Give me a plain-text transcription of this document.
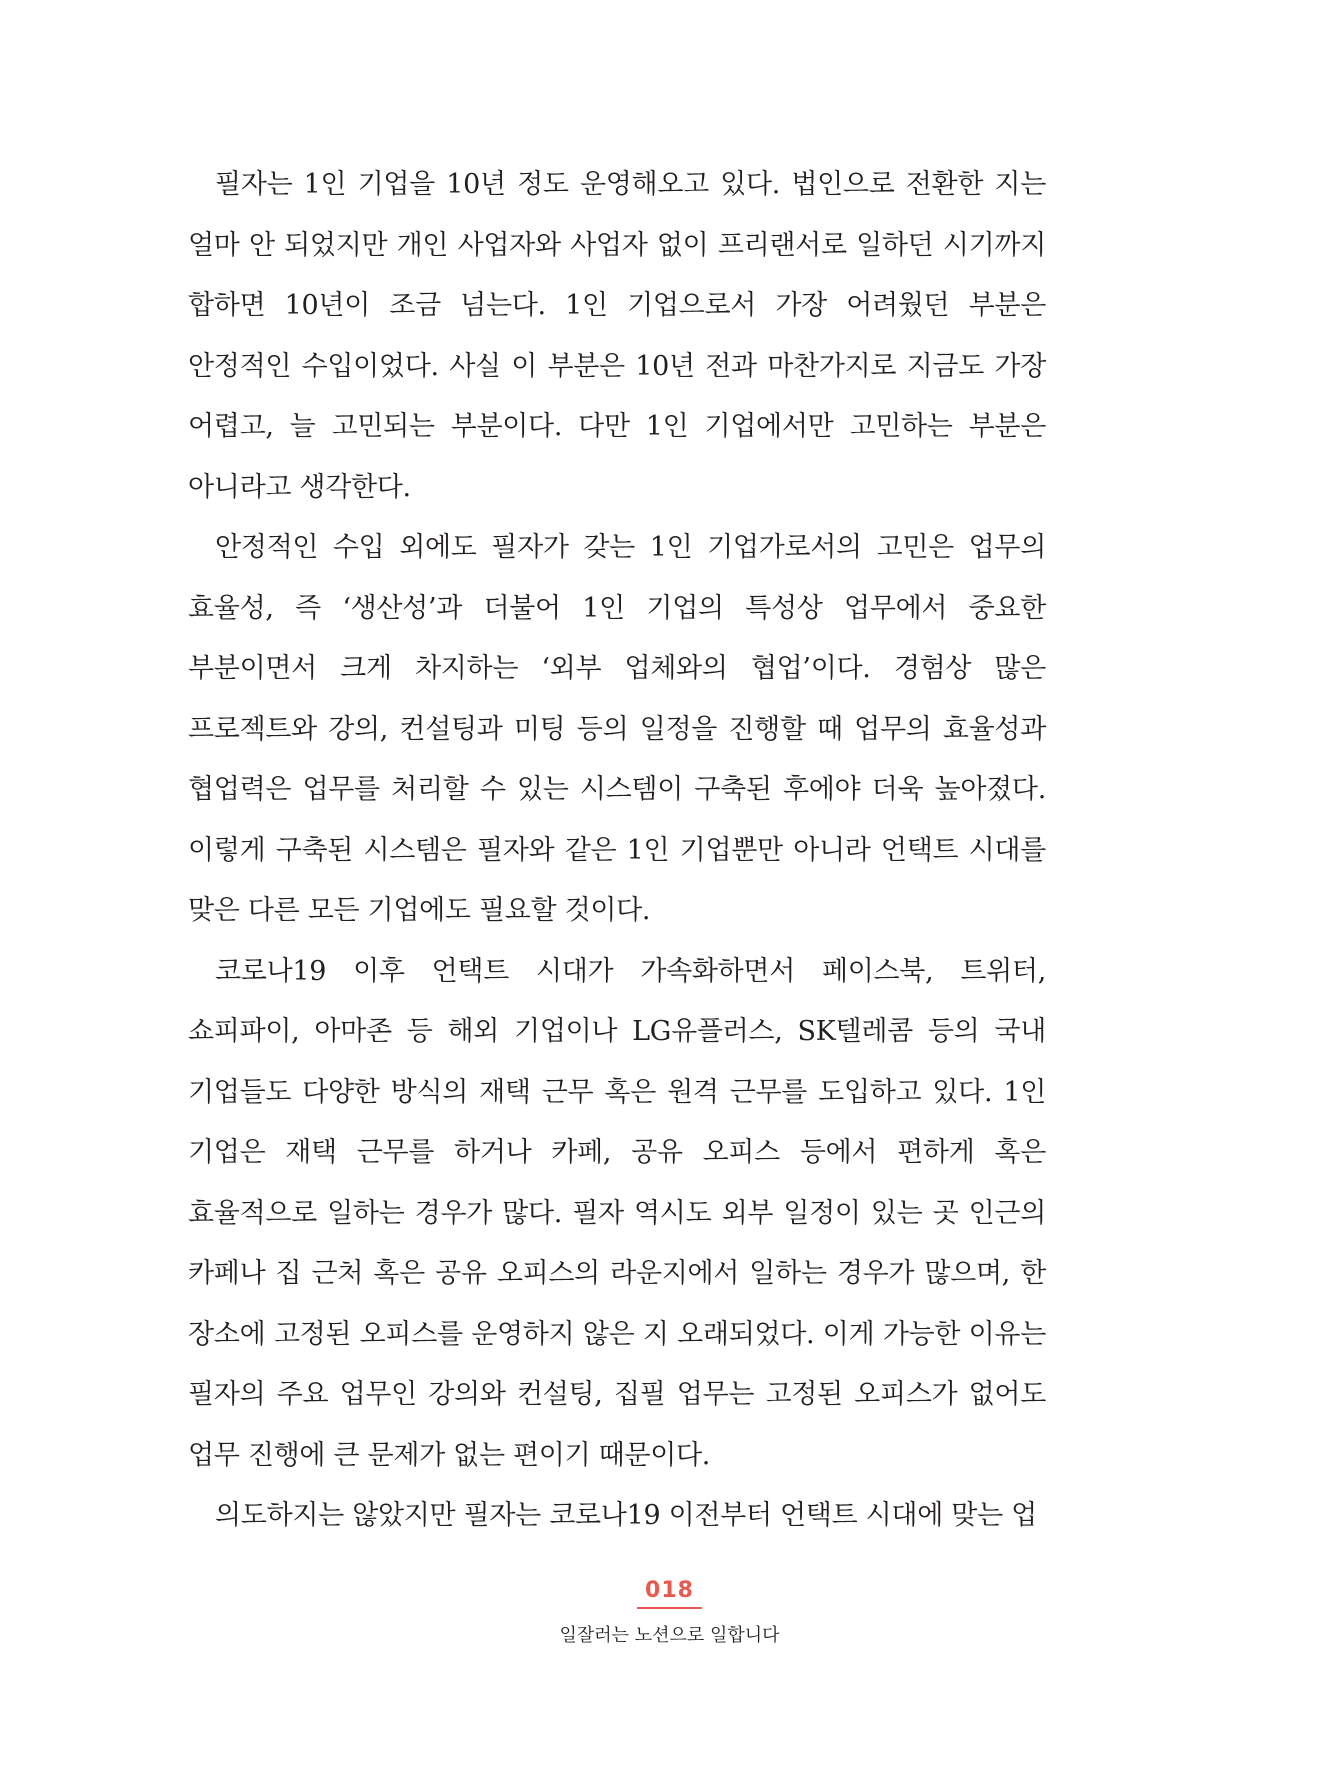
필자는 1인 기업을 10년 정도 운영해오고 있다. 법인으로 전환한 지는 얼마 안 되었지만 개인 사업자와 사업자 없이 프리랜서로 일하던 시기까지 합하면 10년이 조금 넘는다. 1인 기업으로서 가장 어려웠던 부분은 안정적인 수입이었다. 사실 이 부분은 10년 전과 마찬가지로 지금도 가장 어렵고, 늘 고민되는 부분이다. 다만 1인 기업에서만 고민하는 부분은 아니라고 생각한다.

안정적인 수입 외에도 필자가 갖는 1인 기업가로서의 고민은 업무의 효율성, 즉 ‘생산성’과 더불어 1인 기업의 특성상 업무에서 중요한 부분이면서 크게 차지하는 ‘외부 업체와의 협업’이다. 경험상 많은 프로젝트와 강의, 컨설팅과 미팅 등의 일정을 진행할 때 업무의 효율성과 협업력은 업무를 처리할 수 있는 시스템이 구축된 후에야 더욱 높아졌다. 이렇게 구축된 시스템은 필자와 같은 1인 기업뿐만 아니라 언택트 시대를 맞은 다른 모든 기업에도 필요할 것이다.

코로나19 이후 언택트 시대가 가속화하면서 페이스북, 트위터, 쇼피파이, 아마존 등 해외 기업이나 LG유플러스, SK텔레콤 등의 국내 기업들도 다양한 방식의 재택 근무 혹은 원격 근무를 도입하고 있다. 1인 기업은 재택 근무를 하거나 카페, 공유 오피스 등에서 편하게 혹은 효율적으로 일하는 경우가 많다. 필자 역시도 외부 일정이 있는 곳 인근의 카페나 집 근처 혹은 공유 오피스의 라운지에서 일하는 경우가 많으며, 한 장소에 고정된 오피스를 운영하지 않은 지 오래되었다. 이게 가능한 이유는 필자의 주요 업무인 강의와 컨설팅, 집필 업무는 고정된 오피스가 없어도 업무 진행에 큰 문제가 없는 편이기 때문이다.

의도하지는 않았지만 필자는 코로나19 이전부터 언택트 시대에 맞는 업

018
일잘러는 노션으로 일합니다
